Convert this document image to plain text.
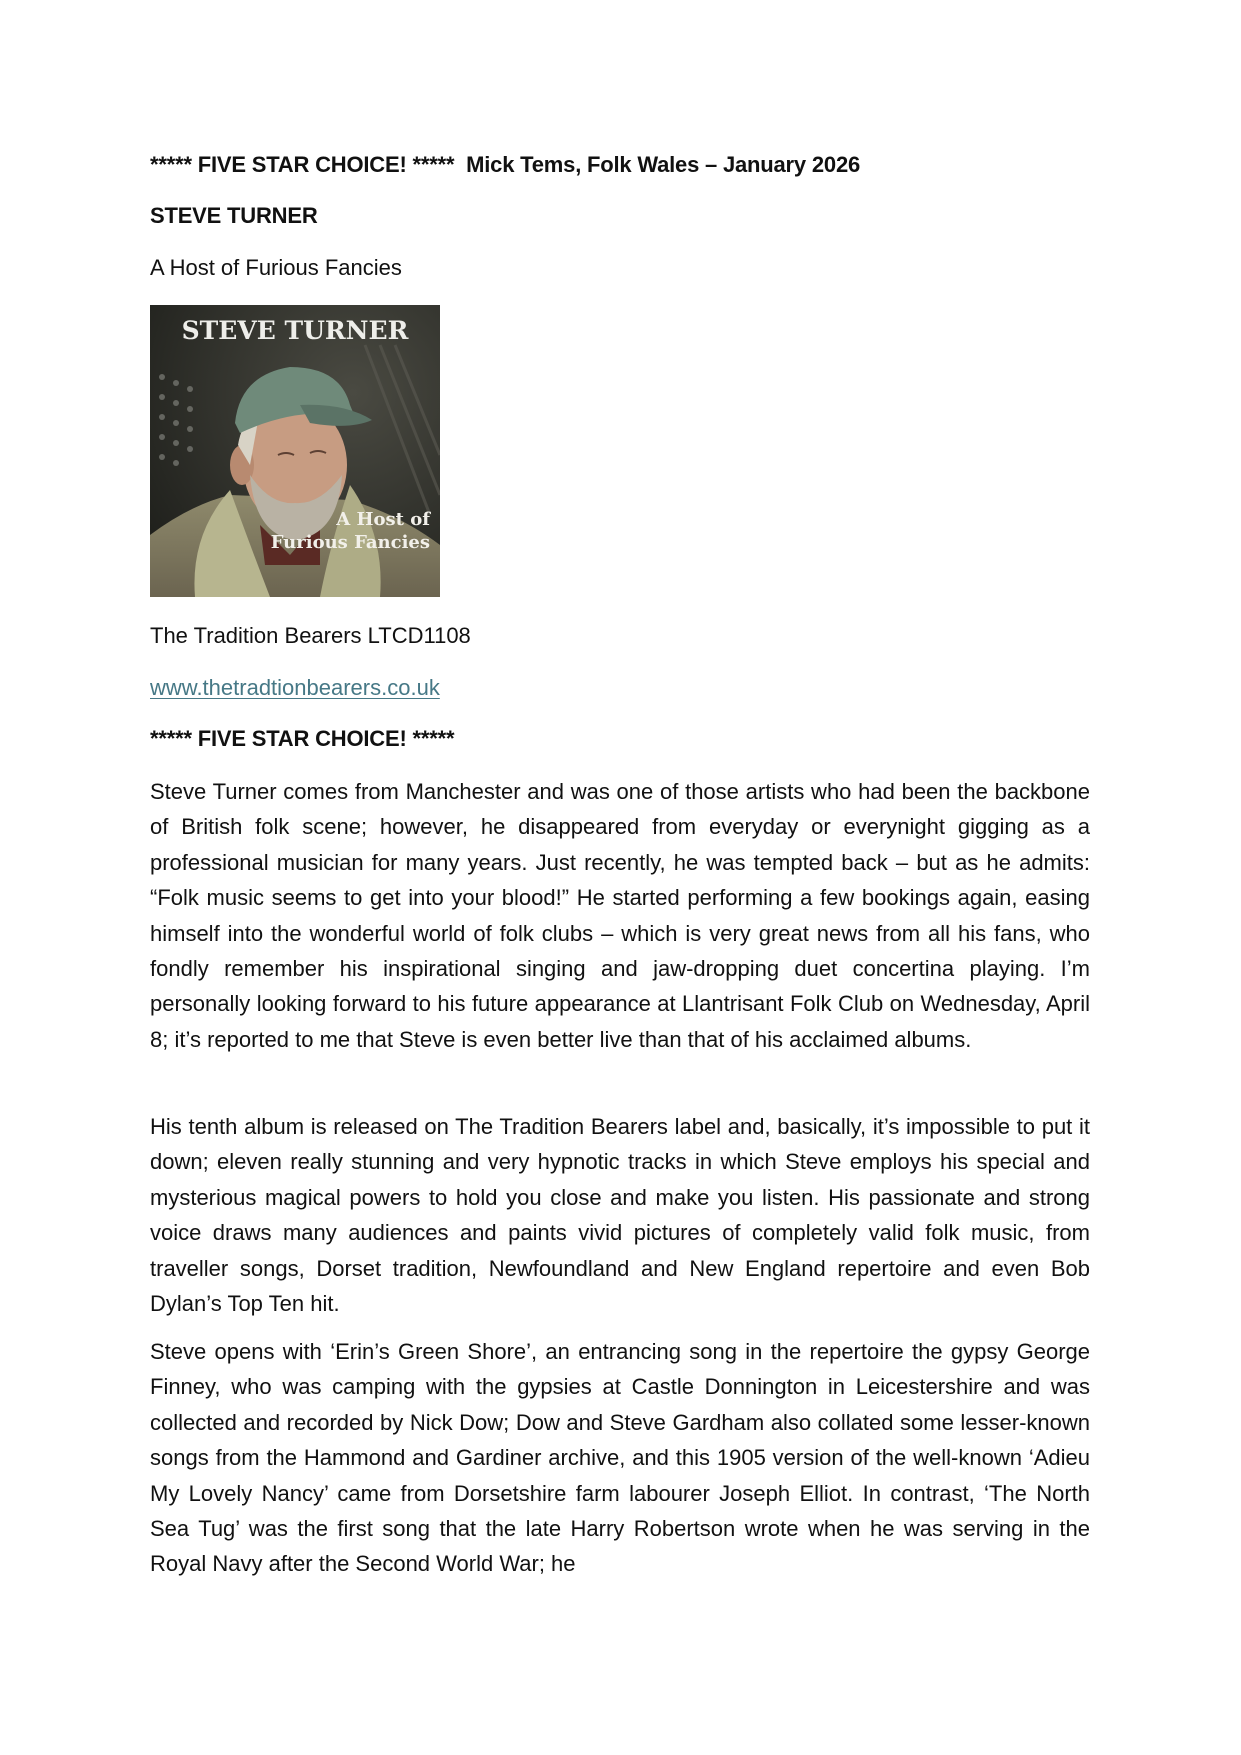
***** FIVE STAR CHOICE! *****  Mick Tems, Folk Wales – January 2026
STEVE TURNER
A Host of Furious Fancies
STEVE TURNER
A Host of
Furious Fancies
The Tradition Bearers LTCD1108
www.thetradtionbearers.co.uk
***** FIVE STAR CHOICE! *****

Steve Turner comes from Manchester and was one of those artists who had been the backbone of British folk scene; however, he disappeared from everyday or everynight gigging as a professional musician for many years. Just recently, he was tempted back – but as he admits: “Folk music seems to get into your blood!” He started performing a few bookings again, easing himself into the wonderful world of folk clubs – which is very great news from all his fans, who fondly remember his inspirational singing and jaw-dropping duet concertina playing. I’m personally looking forward to his future appearance at Llantrisant Folk Club on Wednesday, April 8; it’s reported to me that Steve is even better live than that of his acclaimed albums.

His tenth album is released on The Tradition Bearers label and, basically, it’s impossible to put it down; eleven really stunning and very hypnotic tracks in which Steve employs his special and mysterious magical powers to hold you close and make you listen. His passionate and strong voice draws many audiences and paints vivid pictures of completely valid folk music, from traveller songs, Dorset tradition, Newfoundland and New England repertoire and even Bob Dylan’s Top Ten hit.

Steve opens with ‘Erin’s Green Shore’, an entrancing song in the repertoire the gypsy George Finney, who was camping with the gypsies at Castle Donnington in Leicestershire and was collected and recorded by Nick Dow; Dow and Steve Gardham also collated some lesser-known songs from the Hammond and Gardiner archive, and this 1905 version of the well-known ‘Adieu My Lovely Nancy’ came from Dorsetshire farm labourer Joseph Elliot. In contrast, ‘The North Sea Tug’ was the first song that the late Harry Robertson wrote when he was serving in the Royal Navy after the Second World War; he
